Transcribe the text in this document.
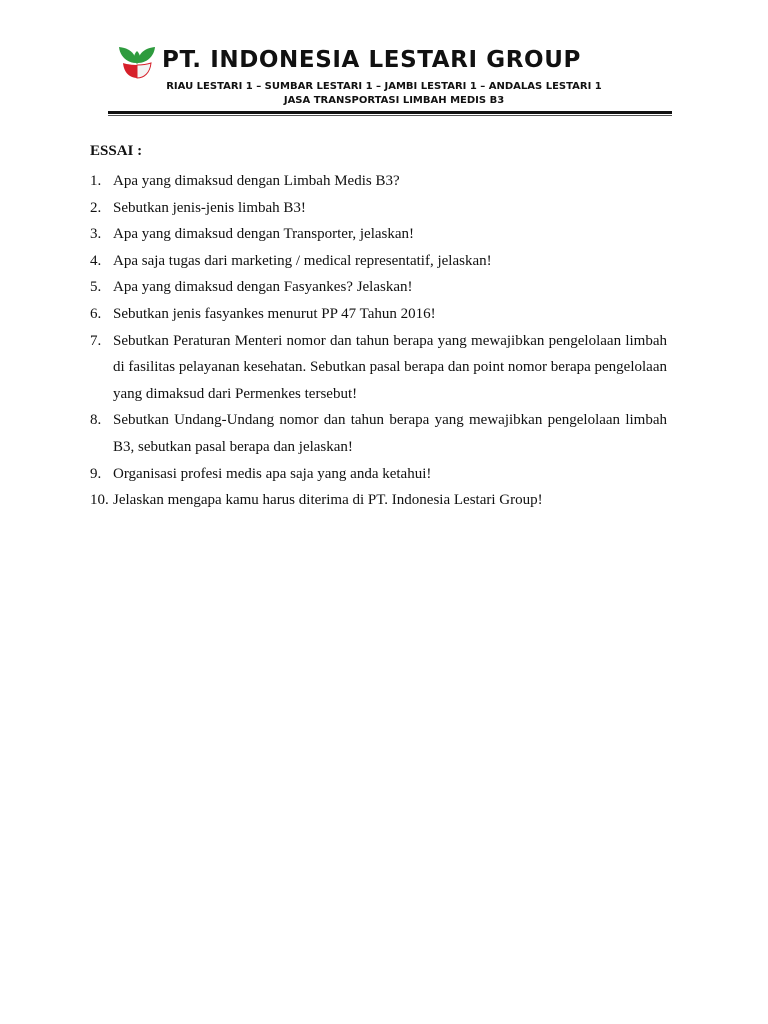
PT. INDONESIA LESTARI GROUP
RIAU LESTARI 1 – SUMBAR LESTARI 1 – JAMBI LESTARI 1 – ANDALAS LESTARI 1
JASA TRANSPORTASI LIMBAH MEDIS B3
ESSAI :
1. Apa yang dimaksud dengan Limbah Medis B3?
2. Sebutkan jenis-jenis limbah B3!
3. Apa yang dimaksud dengan Transporter, jelaskan!
4. Apa saja tugas dari marketing / medical representatif, jelaskan!
5. Apa yang dimaksud dengan Fasyankes? Jelaskan!
6. Sebutkan jenis fasyankes menurut PP 47 Tahun 2016!
7. Sebutkan Peraturan Menteri nomor dan tahun berapa yang mewajibkan pengelolaan limbah di fasilitas pelayanan kesehatan. Sebutkan pasal berapa dan point nomor berapa pengelolaan yang dimaksud dari Permenkes tersebut!
8. Sebutkan Undang-Undang nomor dan tahun berapa yang mewajibkan pengelolaan limbah B3, sebutkan pasal berapa dan jelaskan!
9. Organisasi profesi medis apa saja yang anda ketahui!
10. Jelaskan mengapa kamu harus diterima di PT. Indonesia Lestari Group!
